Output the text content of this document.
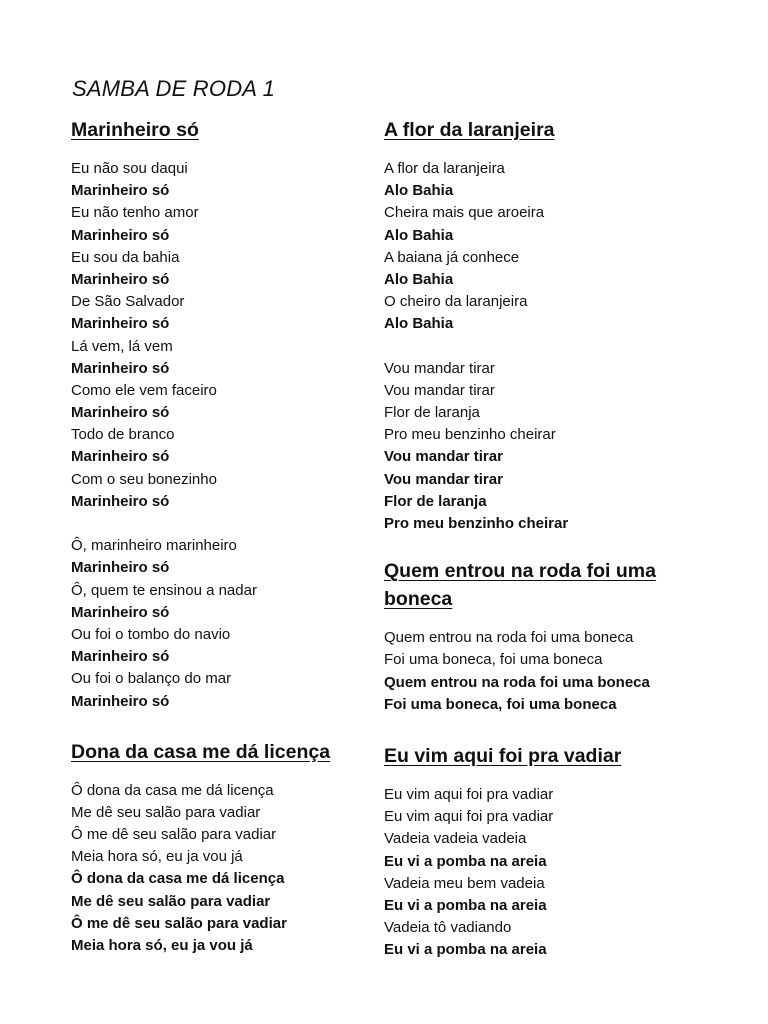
SAMBA DE RODA 1
Marinheiro só
Eu não sou daqui
Marinheiro só
Eu não tenho amor
Marinheiro só
Eu sou da bahia
Marinheiro só
De São Salvador
Marinheiro só
Lá vem, lá vem
Marinheiro só
Como ele vem faceiro
Marinheiro só
Todo de branco
Marinheiro só
Com o seu bonezinho
Marinheiro só
Ô, marinheiro marinheiro
Marinheiro só
Ô, quem te ensinou a nadar
Marinheiro só
Ou foi o tombo do navio
Marinheiro só
Ou foi o balanço do mar
Marinheiro só
Dona da casa me dá licença
Ô dona da casa me dá licença
Me dê seu salão para vadiar
Ô me dê seu salão para vadiar
Meia hora só, eu ja vou já
Ô dona da casa me dá licença
Me dê seu salão para vadiar
Ô me dê seu salão para vadiar
Meia hora só, eu ja vou já
A flor da laranjeira
A flor da laranjeira
Alo Bahia
Cheira mais que aroeira
Alo Bahia
A baiana já conhece
Alo Bahia
O cheiro da laranjeira
Alo Bahia
Vou mandar tirar
Vou mandar tirar
Flor de laranja
Pro meu benzinho cheirar
Vou mandar tirar
Vou mandar tirar
Flor de laranja
Pro meu benzinho cheirar
Quem entrou na roda foi uma boneca
Quem entrou na roda foi uma boneca
Foi uma boneca, foi uma boneca
Quem entrou na roda foi uma boneca
Foi uma boneca, foi uma boneca
Eu vim aqui foi pra vadiar
Eu vim aqui foi pra vadiar
Eu vim aqui foi pra vadiar
Vadeia vadeia vadeia
Eu vi a pomba na areia
Vadeia meu bem vadeia
Eu vi a pomba na areia
Vadeia tô vadiando
Eu vi a pomba na areia
